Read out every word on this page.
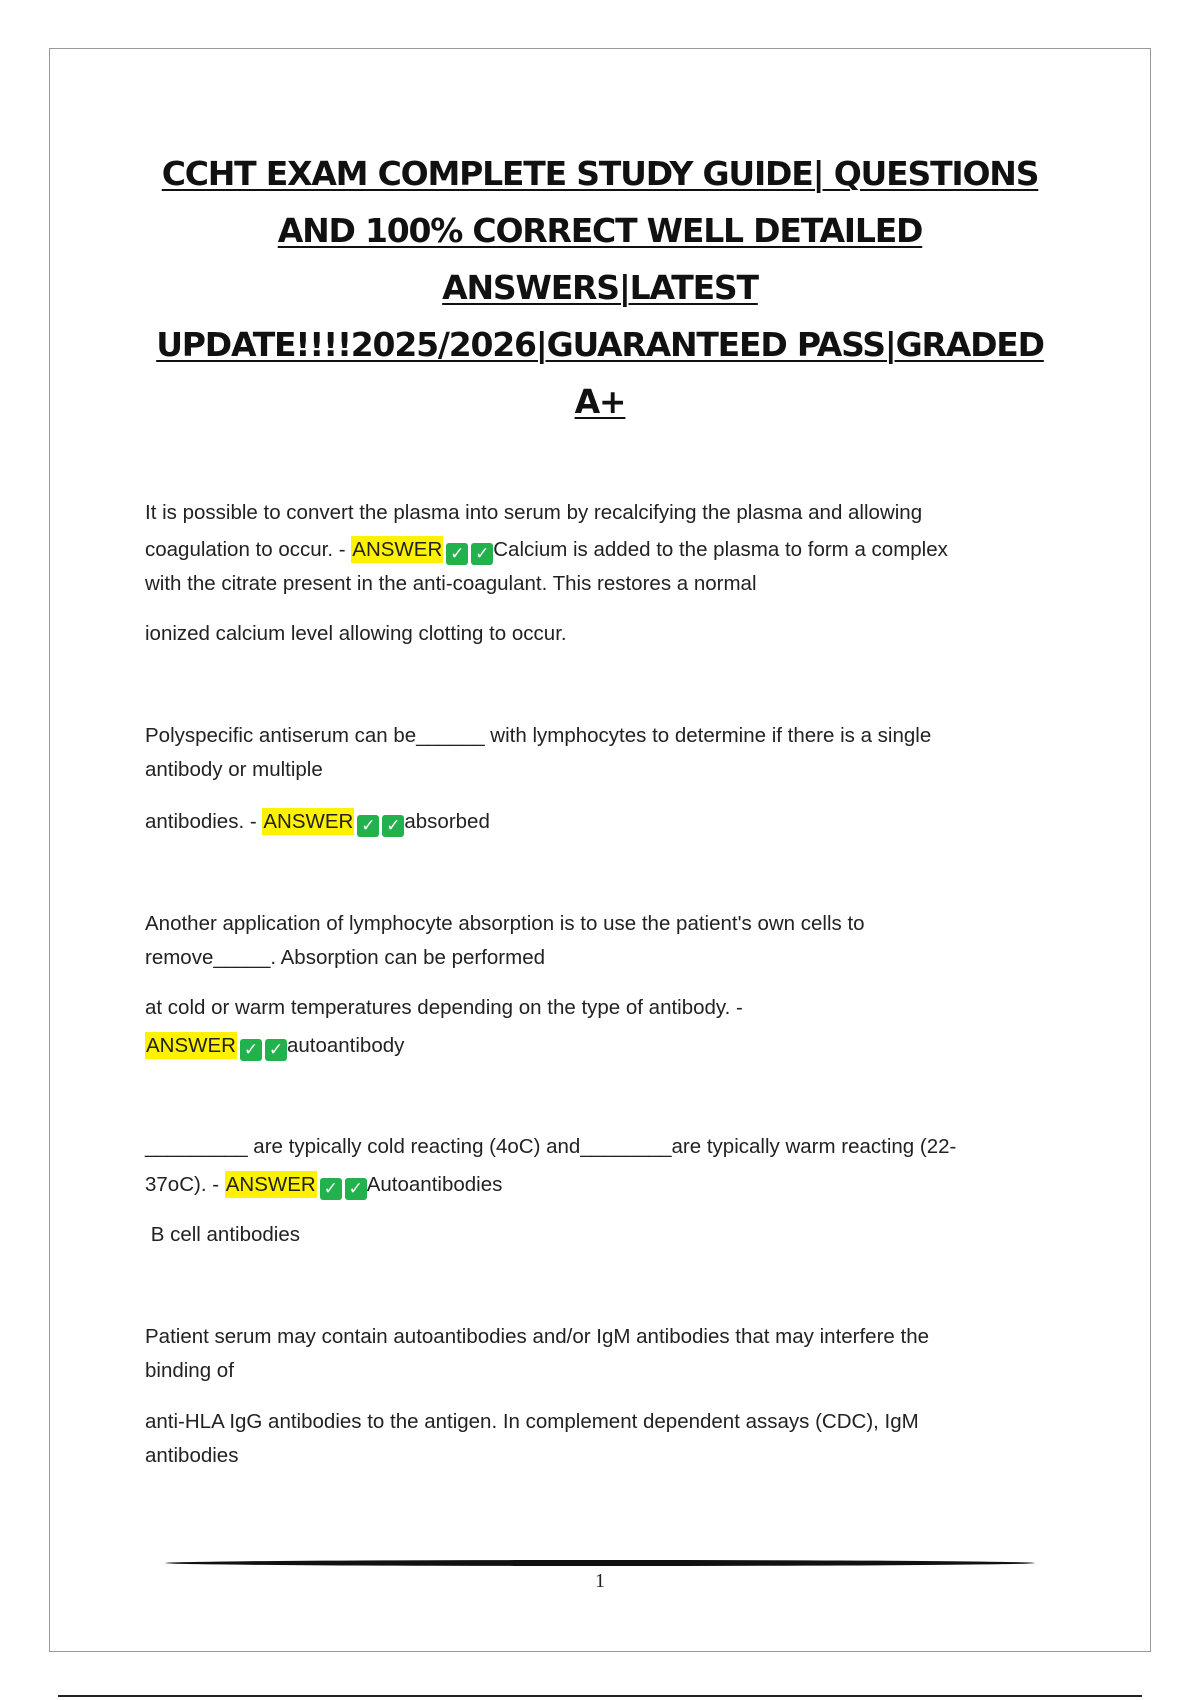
CCHT EXAM COMPLETE STUDY GUIDE| QUESTIONS
AND 100% CORRECT WELL DETAILED
ANSWERS|LATEST
UPDATE!!!!2025/2026|GUARANTEED PASS|GRADED
A+
It is possible to convert the plasma into serum by recalcifying the plasma and allowing
coagulation to occur. - ANSWER ✓ ✓ Calcium is added to the plasma to form a complex
with the citrate present in the anti-coagulant. This restores a normal
ionized calcium level allowing clotting to occur.
Polyspecific antiserum can be______ with lymphocytes to determine if there is a single
antibody or multiple
antibodies. - ANSWER ✓ ✓ absorbed
Another application of lymphocyte absorption is to use the patient's own cells to
remove_____. Absorption can be performed
at cold or warm temperatures depending on the type of antibody. -
ANSWER ✓ ✓ autoantibody
_________ are typically cold reacting (4oC) and________are typically warm reacting (22-
37oC). - ANSWER ✓ ✓ Autoantibodies
B cell antibodies
Patient serum may contain autoantibodies and/or IgM antibodies that may interfere the
binding of
anti-HLA IgG antibodies to the antigen. In complement dependent assays (CDC), IgM
antibodies
1
